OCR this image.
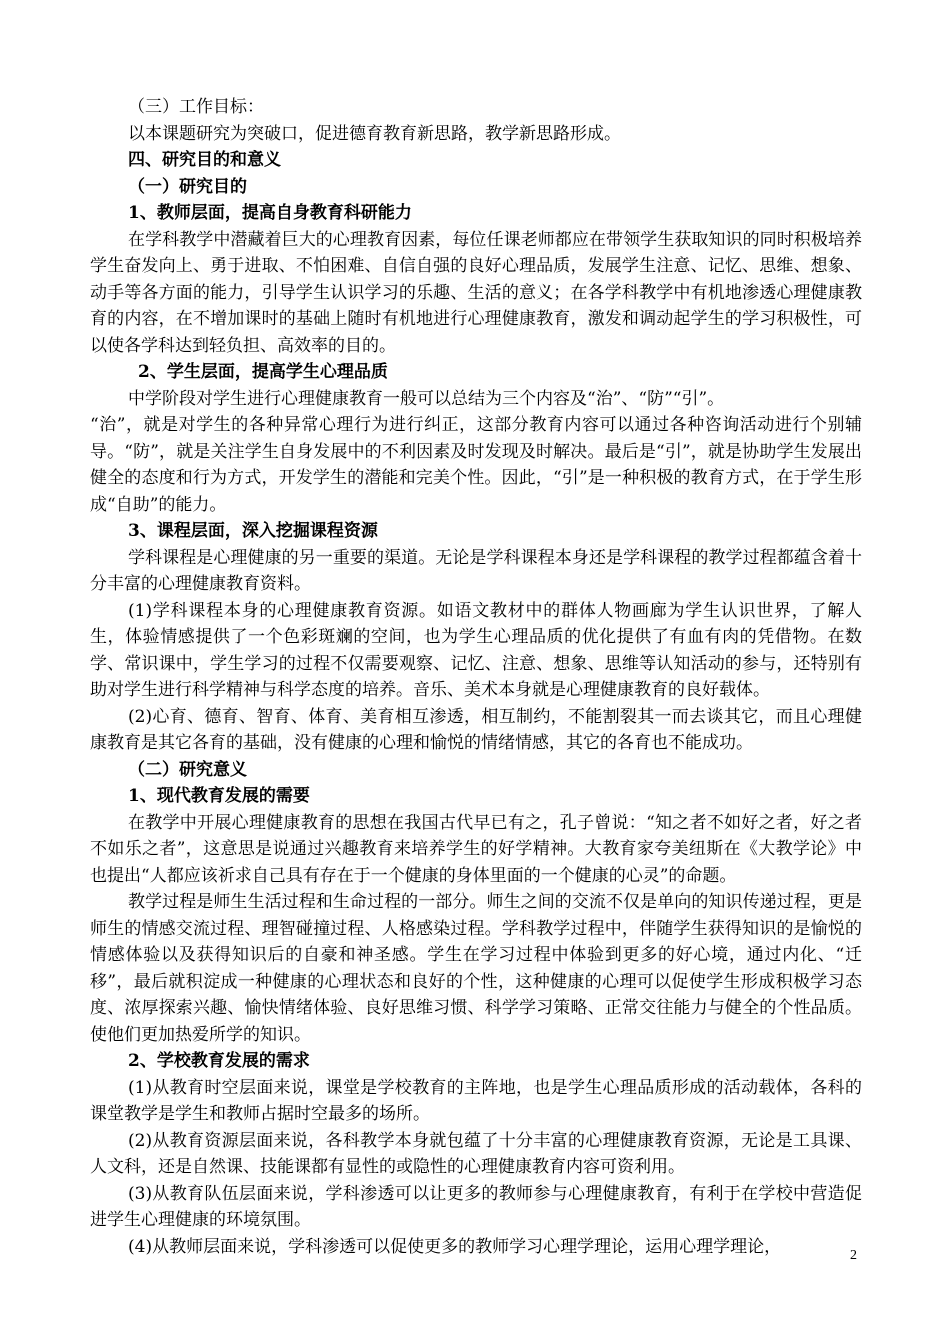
（三）工作目标：

以本课题研究为突破口，促进德育教育新思路，教学新思路形成。

四、研究目的和意义

（一）研究目的

1、教师层面，提高自身教育科研能力

在学科教学中潜藏着巨大的心理教育因素，每位任课老师都应在带领学生获取知识的同时积极培养学生奋发向上、勇于进取、不怕困难、自信自强的良好心理品质，发展学生注意、记忆、思维、想象、动手等各方面的能力，引导学生认识学习的乐趣、生活的意义；在各学科教学中有机地渗透心理健康教育的内容，在不增加课时的基础上随时有机地进行心理健康教育，激发和调动起学生的学习积极性，可以使各学科达到轻负担、高效率的目的。

2、学生层面，提高学生心理品质

中学阶段对学生进行心理健康教育一般可以总结为三个内容及“治”、“防”“引”。

“治”，就是对学生的各种异常心理行为进行纠正，这部分教育内容可以通过各种咨询活动进行个别辅导。“防”，就是关注学生自身发展中的不利因素及时发现及时解决。最后是“引”，就是协助学生发展出健全的态度和行为方式，开发学生的潜能和完美个性。因此，“引”是一种积极的教育方式，在于学生形成“自助”的能力。

3、课程层面，深入挖掘课程资源

学科课程是心理健康的另一重要的渠道。无论是学科课程本身还是学科课程的教学过程都蕴含着十分丰富的心理健康教育资料。

(1)学科课程本身的心理健康教育资源。如语文教材中的群体人物画廊为学生认识世界，了解人生，体验情感提供了一个色彩斑斓的空间，也为学生心理品质的优化提供了有血有肉的凭借物。在数学、常识课中，学生学习的过程不仅需要观察、记忆、注意、想象、思维等认知活动的参与，还特别有助对学生进行科学精神与科学态度的培养。音乐、美术本身就是心理健康教育的良好载体。

(2)心育、德育、智育、体育、美育相互渗透，相互制约，不能割裂其一而去谈其它，而且心理健康教育是其它各育的基础，没有健康的心理和愉悦的情绪情感，其它的各育也不能成功。

（二）研究意义

1、现代教育发展的需要

在教学中开展心理健康教育的思想在我国古代早已有之，孔子曾说：“知之者不如好之者，好之者不如乐之者”，这意思是说通过兴趣教育来培养学生的好学精神。大教育家夸美纽斯在《大教学论》中也提出“人都应该祈求自己具有存在于一个健康的身体里面的一个健康的心灵”的命题。

教学过程是师生生活过程和生命过程的一部分。师生之间的交流不仅是单向的知识传递过程，更是师生的情感交流过程、理智碰撞过程、人格感染过程。学科教学过程中，伴随学生获得知识的是愉悦的情感体验以及获得知识后的自豪和神圣感。学生在学习过程中体验到更多的好心境，通过内化、“迁移”，最后就积淀成一种健康的心理状态和良好的个性，这种健康的心理可以促使学生形成积极学习态度、浓厚探索兴趣、愉快情绪体验、良好思维习惯、科学学习策略、正常交往能力与健全的个性品质。使他们更加热爱所学的知识。

2、学校教育发展的需求

(1)从教育时空层面来说，课堂是学校教育的主阵地，也是学生心理品质形成的活动载体，各科的课堂教学是学生和教师占据时空最多的场所。

(2)从教育资源层面来说，各科教学本身就包蕴了十分丰富的心理健康教育资源，无论是工具课、人文科，还是自然课、技能课都有显性的或隐性的心理健康教育内容可资利用。

(3)从教育队伍层面来说，学科渗透可以让更多的教师参与心理健康教育，有利于在学校中营造促进学生心理健康的环境氛围。

(4)从教师层面来说，学科渗透可以促使更多的教师学习心理学理论，运用心理学理论，	2
